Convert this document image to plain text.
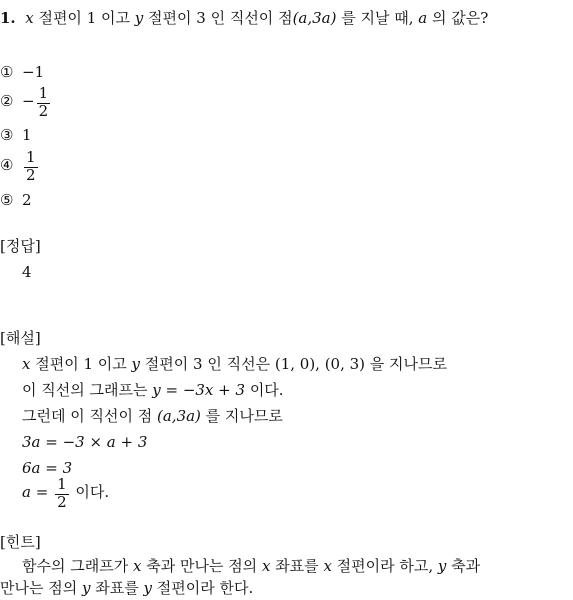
1. x 절편이 1 이고 y 절편이 3 인 직선이 점(a,3a) 를 지날 때, a 의 값은?
① −1
② − $\frac{1}{2}$
③ 1
④ $\frac{1}{2}$
⑤ 2
[정답]
4
[해설]
x 절편이 1 이고 y 절편이 3 인 직선은 (1, 0), (0, 3) 을 지나므로
이 직선의 그래프는 y = −3x + 3 이다.
그런데 이 직선이 점 (a,3a) 를 지나므로
3a = −3 × a + 3
6a = 3
$a = \frac{1}{2}$ 이다.
[힌트]
함수의 그래프가 x 축과 만나는 점의 x 좌표를 x 절편이라 하고, y 축과
만나는 점의 y 좌표를 y 절편이라 한다.
